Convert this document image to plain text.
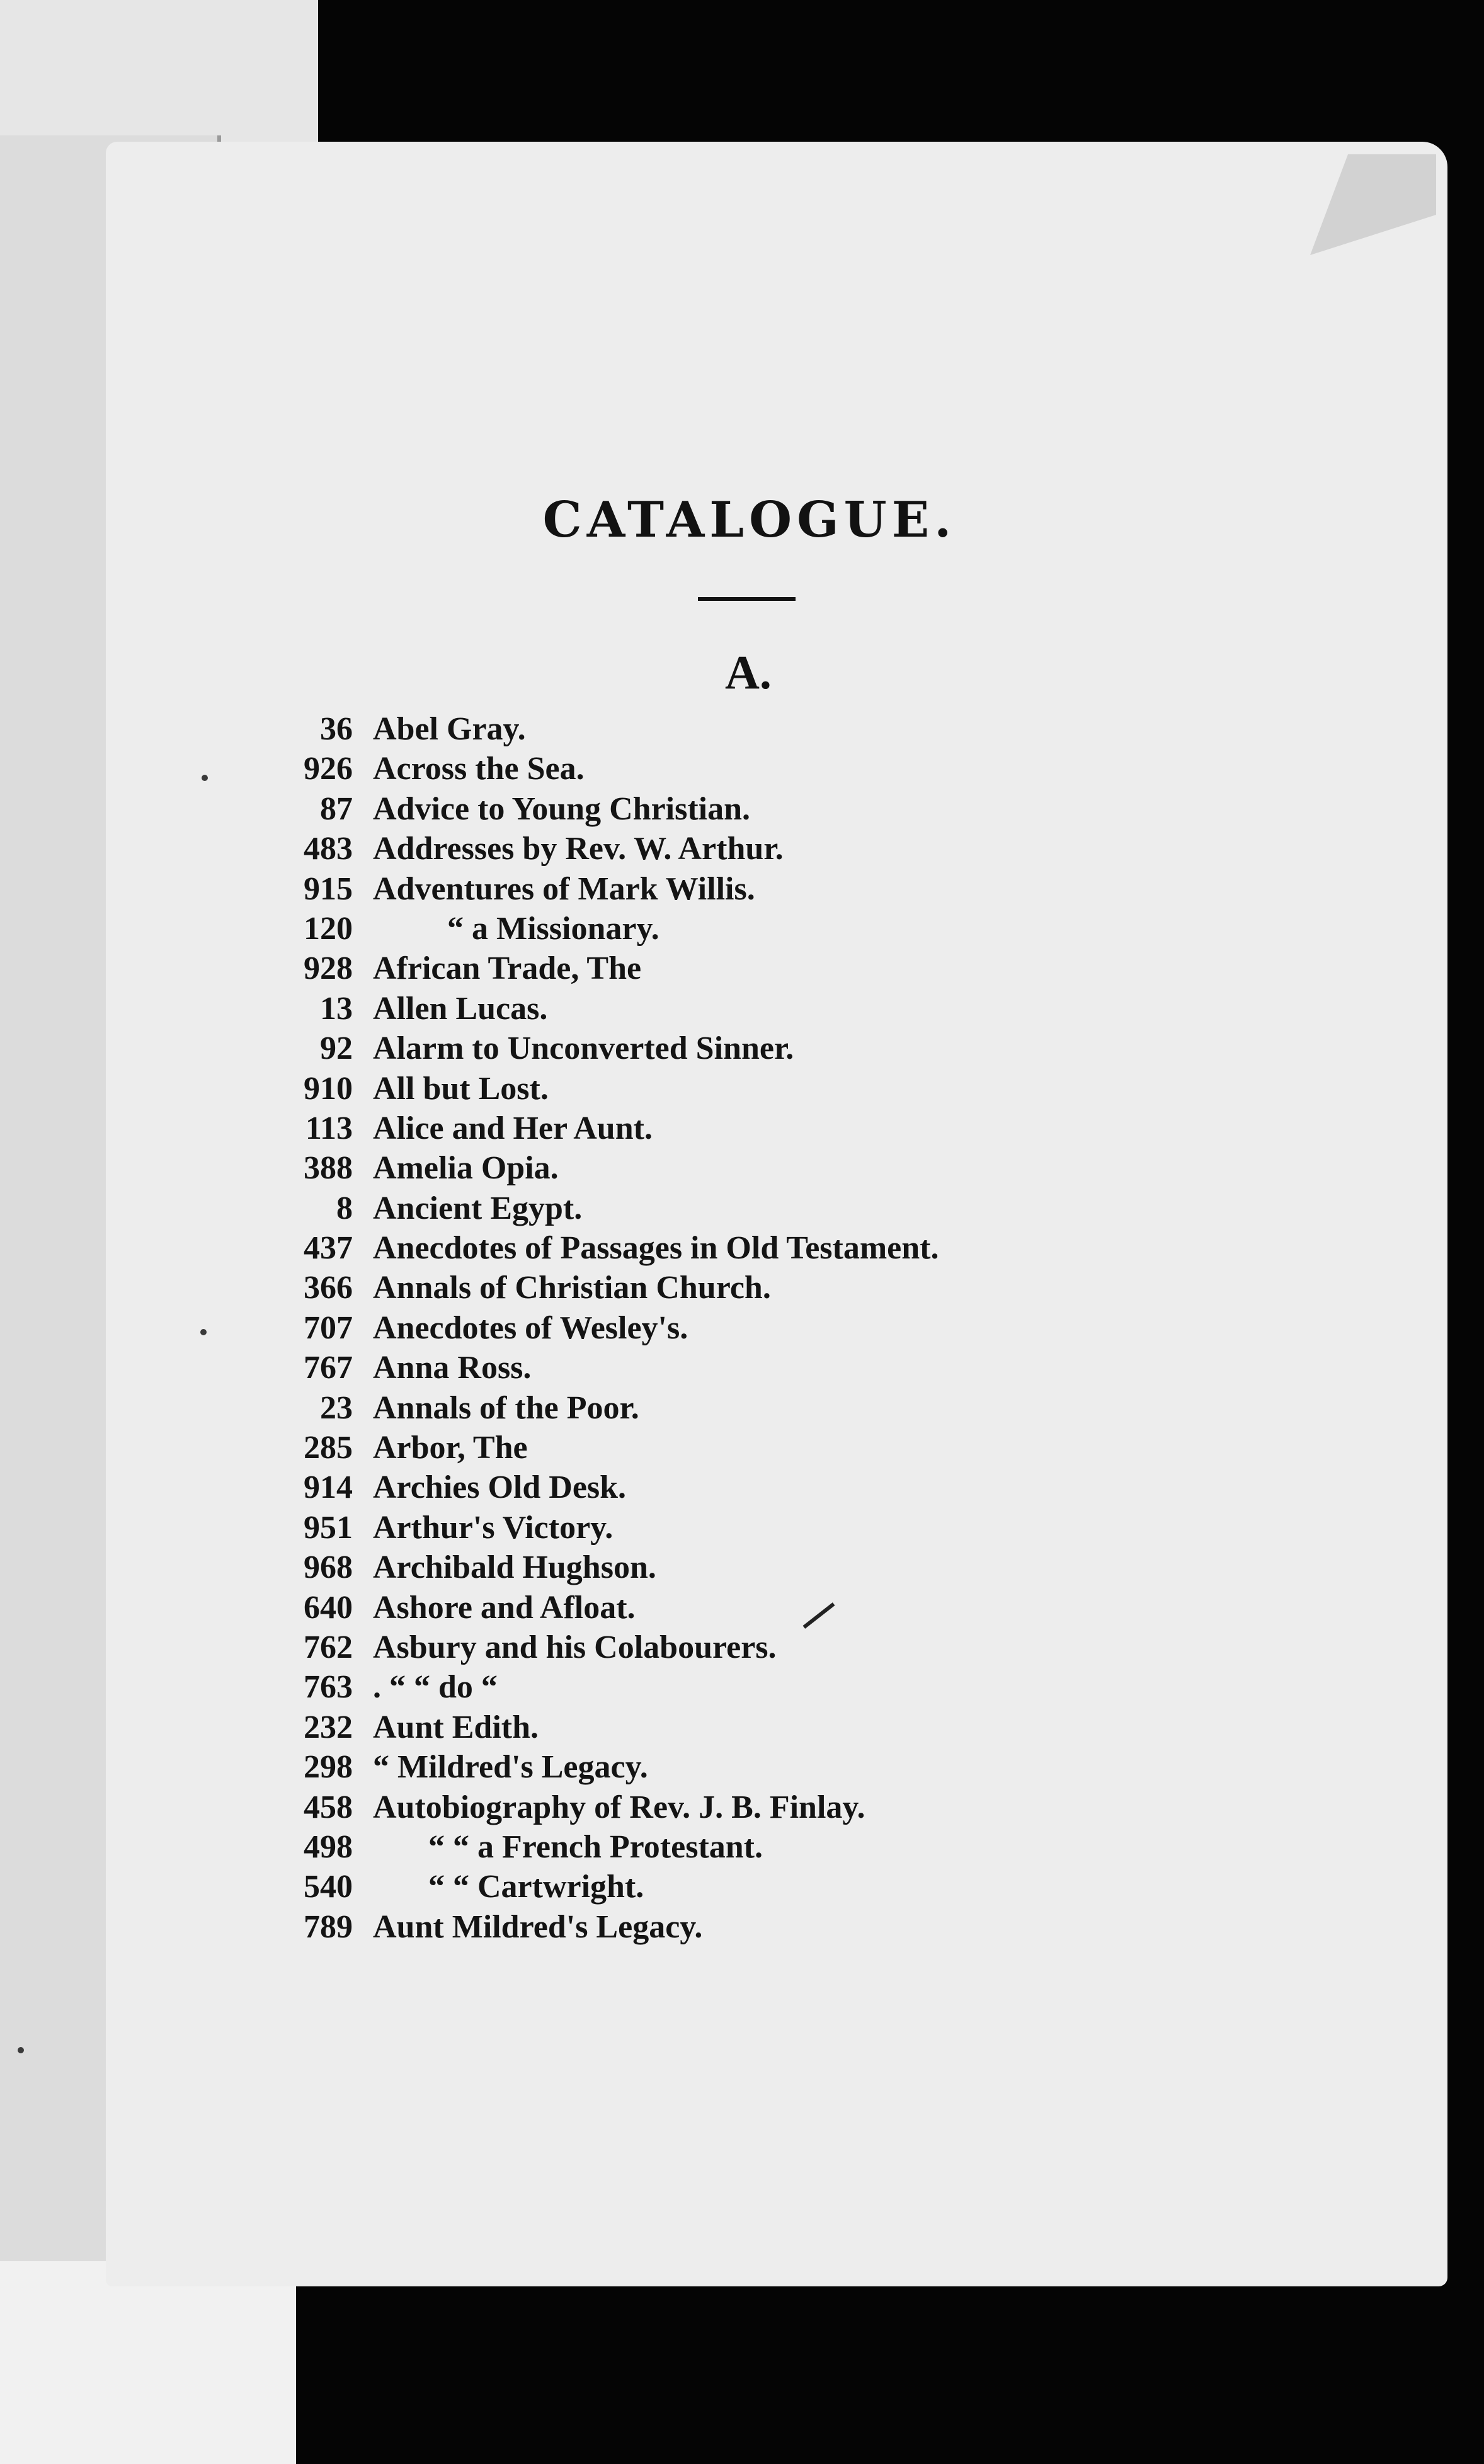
CATALOGUE.
A.
36 Abel Gray.
926 Across the Sea.
87 Advice to Young Christian.
483 Addresses by Rev. W. Arthur.
915 Adventures of Mark Willis.
120	“ a Missionary.
928 African Trade, The
13 Allen Lucas.
92 Alarm to Unconverted Sinner.
910 All but Lost.
113 Alice and Her Aunt.
388 Amelia Opia.
8 Ancient Egypt.
437 Anecdotes of Passages in Old Testament.
366 Annals of Christian Church.
707 Anecdotes of Wesley's.
767 Anna Ross.
23 Annals of the Poor.
285 Arbor, The
914 Archies Old Desk.
951 Arthur's Victory.
968 Archibald Hughson.
640 Ashore and Afloat.
762 Asbury and his Colabourers.
763 . “ “ do “
232 Aunt Edith.
298 “ Mildred's Legacy.
458 Autobiography of Rev. J. B. Finlay.
498 “ “ a French Protestant.
540 “ “ Cartwright.
789 Aunt Mildred's Legacy.
